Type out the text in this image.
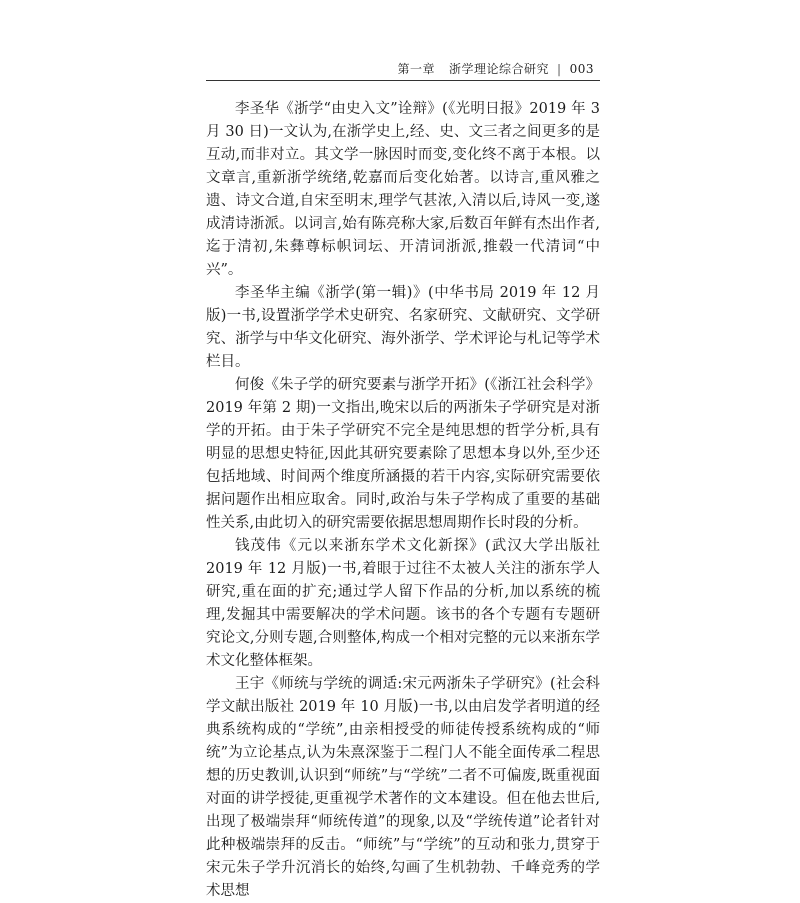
第一章 浙学理论综合研究 | 003

李圣华《浙学“由史入文”诠辩》(《光明日报》2019 年 3 月 30 日)一文认为,在浙学史上,经、史、文三者之间更多的是互动,而非对立。其文学一脉因时而变,变化终不离于本根。以文章言,重新浙学统绪,乾嘉而后变化始著。以诗言,重风雅之遗、诗文合道,自宋至明末,理学气甚浓,入清以后,诗风一变,遂成清诗浙派。以词言,始有陈亮称大家,后数百年鲜有杰出作者,迄于清初,朱彝尊标帜词坛、开清词浙派,推毂一代清词“中兴”。

李圣华主编《浙学(第一辑)》(中华书局 2019 年 12 月版)一书,设置浙学学术史研究、名家研究、文献研究、文学研究、浙学与中华文化研究、海外浙学、学术评论与札记等学术栏目。

何俊《朱子学的研究要素与浙学开拓》(《浙江社会科学》2019 年第 2 期)一文指出,晚宋以后的两浙朱子学研究是对浙学的开拓。由于朱子学研究不完全是纯思想的哲学分析,具有明显的思想史特征,因此其研究要素除了思想本身以外,至少还包括地域、时间两个维度所涵摄的若干内容,实际研究需要依据问题作出相应取舍。同时,政治与朱子学构成了重要的基础性关系,由此切入的研究需要依据思想周期作长时段的分析。

钱茂伟《元以来浙东学术文化新探》(武汉大学出版社 2019 年 12 月版)一书,着眼于过往不太被人关注的浙东学人研究,重在面的扩充;通过学人留下作品的分析,加以系统的梳理,发掘其中需要解决的学术问题。该书的各个专题有专题研究论文,分则专题,合则整体,构成一个相对完整的元以来浙东学术文化整体框架。

王宇《师统与学统的调适:宋元两浙朱子学研究》(社会科学文献出版社 2019 年 10 月版)一书,以由启发学者明道的经典系统构成的“学统”,由亲相授受的师徒传授系统构成的“师统”为立论基点,认为朱熹深鉴于二程门人不能全面传承二程思想的历史教训,认识到“师统”与“学统”二者不可偏废,既重视面对面的讲学授徒,更重视学术著作的文本建设。但在他去世后,出现了极端崇拜“师统传道”的现象,以及“学统传道”论者针对此种极端崇拜的反击。“师统”与“学统”的互动和张力,贯穿于宋元朱子学升沉消长的始终,勾画了生机勃勃、千峰竞秀的学术思想
